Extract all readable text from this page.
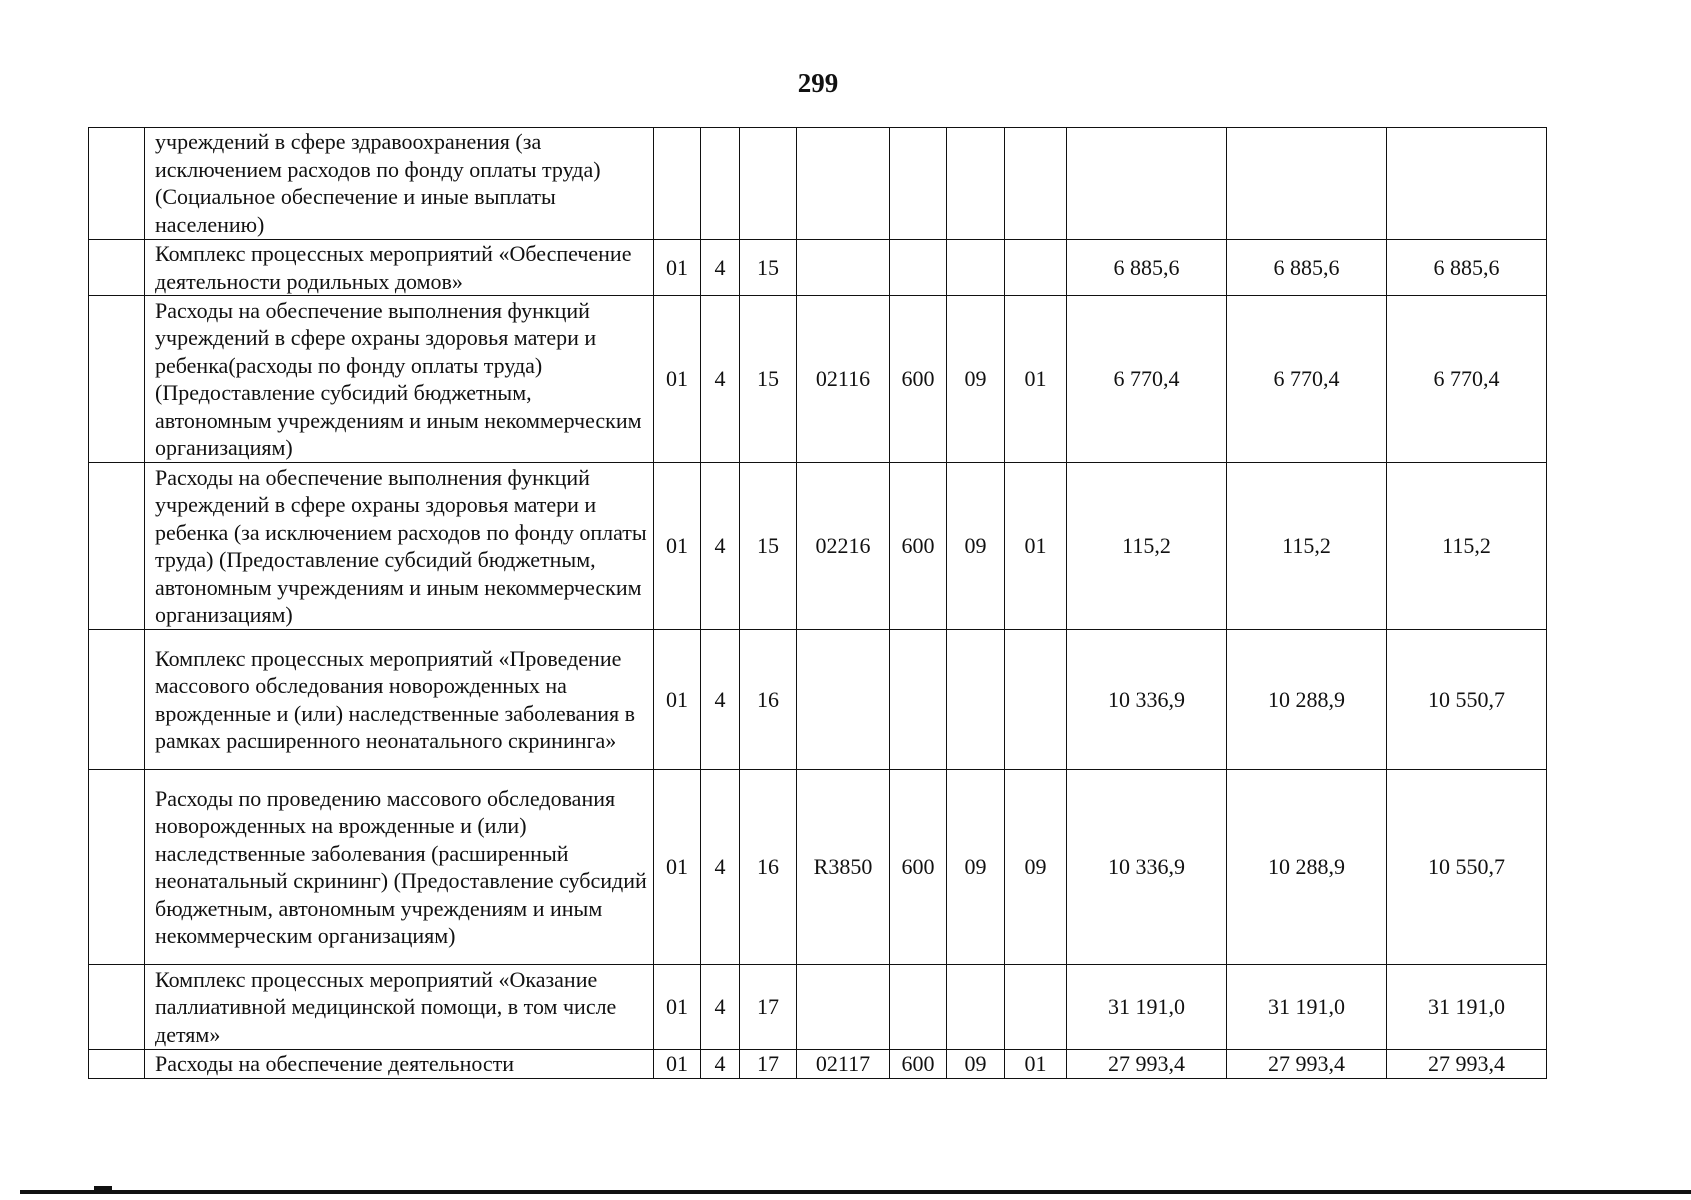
299
	учреждений в сфере здравоохранения (за исключением расходов по фонду оплаты труда) (Социальное обеспечение и иные выплаты населению)										
	Комплекс процессных мероприятий «Обеспечение деятельности родильных домов»	01	4	15					6 885,6	6 885,6	6 885,6
	Расходы на обеспечение выполнения функций учреждений в сфере охраны здоровья матери и ребенка(расходы по фонду оплаты труда) (Предоставление субсидий бюджетным, автономным учреждениям и иным некоммерческим организациям)	01	4	15	02116	600	09	01	6 770,4	6 770,4	6 770,4
	Расходы на обеспечение выполнения функций учреждений в сфере охраны здоровья матери и ребенка (за исключением расходов по фонду оплаты труда) (Предоставление субсидий бюджетным, автономным учреждениям и иным некоммерческим организациям)	01	4	15	02216	600	09	01	115,2	115,2	115,2
	Комплекс процессных мероприятий «Проведение массового обследования новорожденных на врожденные и (или) наследственные заболевания в рамках расширенного неонатального скрининга»	01	4	16					10 336,9	10 288,9	10 550,7
	Расходы по проведению массового обследования новорожденных на врожденные и (или) наследственные заболевания (расширенный неонатальный скрининг) (Предоставление субсидий бюджетным, автономным учреждениям и иным некоммерческим организациям)	01	4	16	R3850	600	09	09	10 336,9	10 288,9	10 550,7
	Комплекс процессных мероприятий «Оказание паллиативной медицинской помощи, в том числе детям»	01	4	17					31 191,0	31 191,0	31 191,0
	Расходы на обеспечение деятельности	01	4	17	02117	600	09	01	27 993,4	27 993,4	27 993,4
